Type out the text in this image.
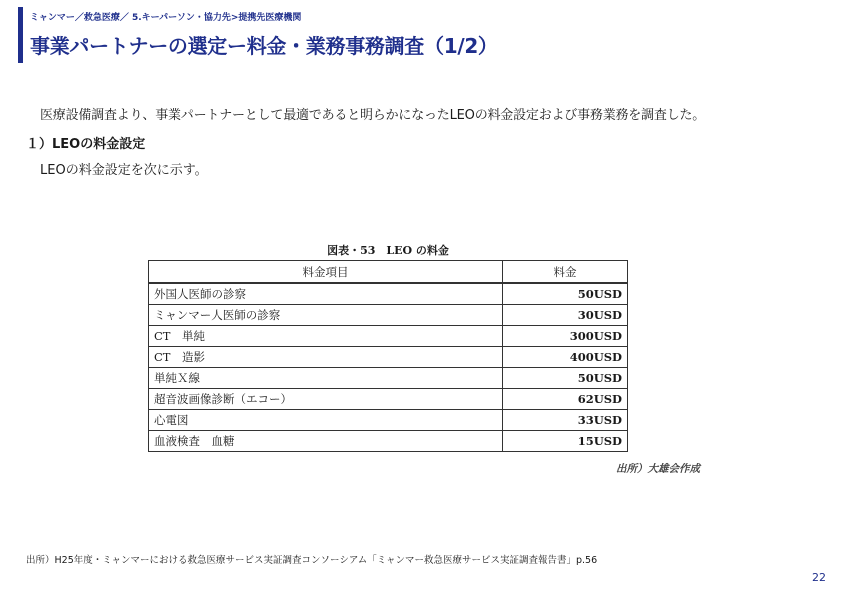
ミャンマー／救急医療／ 5.キーパーソン・協力先>提携先医療機関
事業パートナーの選定ー料金・業務事務調査（1/2）
医療設備調査より、事業パートナーとして最適であると明らかになったLEOの料金設定および事務業務を調査した。
１）LEOの料金設定
LEOの料金設定を次に示す。
図表・53　LEO の料金
料金項目	料金
外国人医師の診察	50USD
ミャンマー人医師の診察	30USD
CT　単純	300USD
CT　造影	400USD
単純Ｘ線	50USD
超音波画像診断（エコー）	62USD
心電図	33USD
血液検査　血糖	15USD
出所）大雄会作成
出所）H25年度・ミャンマーにおける救急医療サービス実証調査コンソーシアム「ミャンマー救急医療サービス実証調査報告書」p.56
22
